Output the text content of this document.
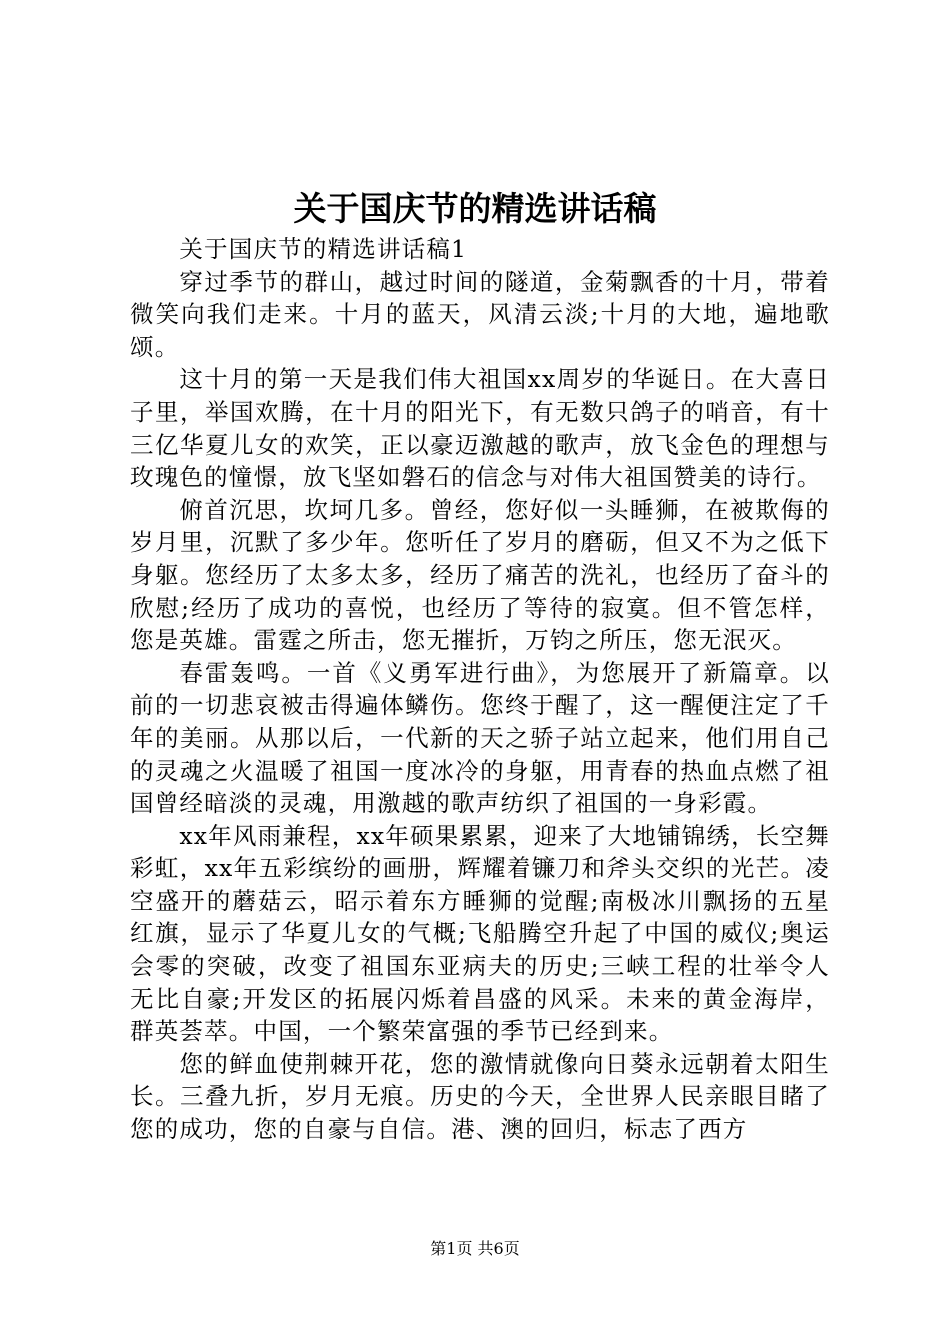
关于国庆节的精选讲话稿

关于国庆节的精选讲话稿1

穿过季节的群山，越过时间的隧道，金菊飘香的十月，带着微笑向我们走来。十月的蓝天，风清云淡;十月的大地，遍地歌颂。

这十月的第一天是我们伟大祖国xx周岁的华诞日。在大喜日子里，举国欢腾，在十月的阳光下，有无数只鸽子的哨音，有十三亿华夏儿女的欢笑，正以豪迈激越的歌声，放飞金色的理想与玫瑰色的憧憬，放飞坚如磐石的信念与对伟大祖国赞美的诗行。

俯首沉思，坎坷几多。曾经，您好似一头睡狮，在被欺侮的岁月里，沉默了多少年。您听任了岁月的磨砺，但又不为之低下身躯。您经历了太多太多，经历了痛苦的洗礼，也经历了奋斗的欣慰;经历了成功的喜悦，也经历了等待的寂寞。但不管怎样，您是英雄。雷霆之所击，您无摧折，万钧之所压，您无泯灭。

春雷轰鸣。一首《义勇军进行曲》，为您展开了新篇章。以前的一切悲哀被击得遍体鳞伤。您终于醒了，这一醒便注定了千年的美丽。从那以后，一代新的天之骄子站立起来，他们用自己的灵魂之火温暖了祖国一度冰冷的身躯，用青春的热血点燃了祖国曾经暗淡的灵魂，用激越的歌声纺织了祖国的一身彩霞。

xx年风雨兼程，xx年硕果累累，迎来了大地铺锦绣，长空舞彩虹，xx年五彩缤纷的画册，辉耀着镰刀和斧头交织的光芒。凌空盛开的蘑菇云，昭示着东方睡狮的觉醒;南极冰川飘扬的五星红旗，显示了华夏儿女的气概;飞船腾空升起了中国的威仪;奥运会零的突破，改变了祖国东亚病夫的历史;三峡工程的壮举令人无比自豪;开发区的拓展闪烁着昌盛的风采。未来的黄金海岸，群英荟萃。中国，一个繁荣富强的季节已经到来。

您的鲜血使荆棘开花，您的激情就像向日葵永远朝着太阳生长。三叠九折，岁月无痕。历史的今天，全世界人民亲眼目睹了您的成功，您的自豪与自信。港、澳的回归，标志了西方

第1页 共6页
